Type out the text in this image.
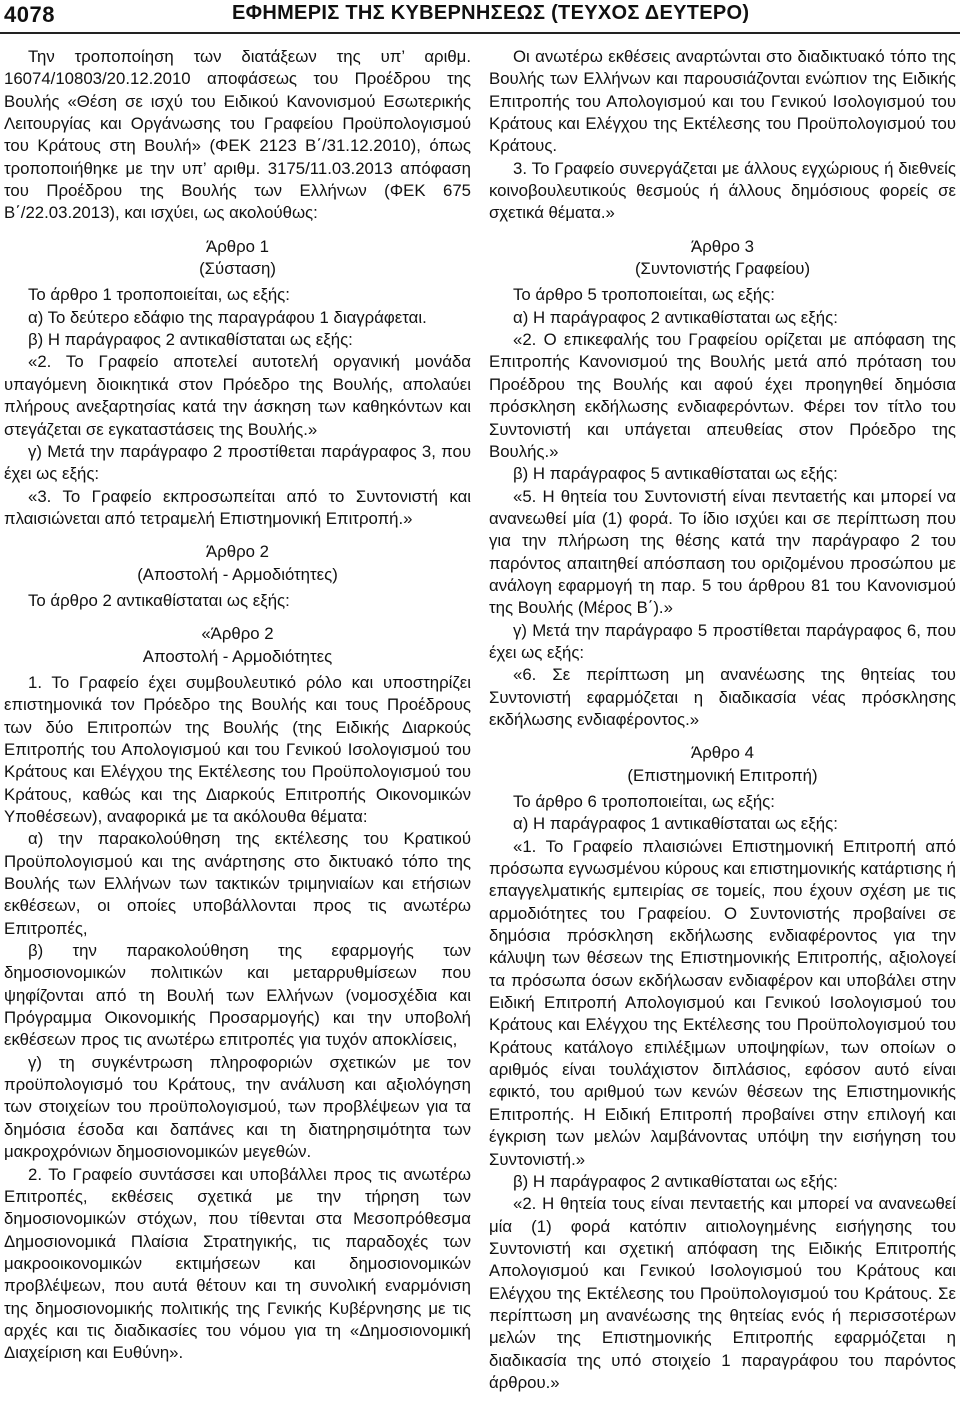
4078	ΕΦΗΜΕΡΙΣ ΤΗΣ ΚΥΒΕΡΝΗΣΕΩΣ (ΤΕΥΧΟΣ ΔΕΥΤΕΡΟ)

Την τροποποίηση των διατάξεων της υπ’ αριθμ. 16074/10803/20.12.2010 αποφάσεως του Προέδρου της Βουλής «Θέση σε ισχύ του Ειδικού Κανονισμού Εσωτερικής Λειτουργίας και Οργάνωσης του Γραφείου Προϋπολογισμού του Κράτους στη Βουλή» (ΦΕΚ 2123 Β΄/31.12.2010), όπως τροποποιήθηκε με την υπ’ αριθμ. 3175/11.03.2013 απόφαση του Προέδρου της Βουλής των Ελλήνων (ΦΕΚ 675 Β΄/22.03.2013), και ισχύει, ως ακολούθως:

Άρθρο 1

(Σύσταση)

Το άρθρο 1 τροποποιείται, ως εξής:

α) Το δεύτερο εδάφιο της παραγράφου 1 διαγράφεται.

β) Η παράγραφος 2 αντικαθίσταται ως εξής:

«2. Το Γραφείο αποτελεί αυτοτελή οργανική μονάδα υπαγόμενη διοικητικά στον Πρόεδρο της Βουλής, απολαύει πλήρους ανεξαρτησίας κατά την άσκηση των καθηκόντων και στεγάζεται σε εγκαταστάσεις της Βουλής.»

γ) Μετά την παράγραφο 2 προστίθεται παράγραφος 3, που έχει ως εξής:

«3. Το Γραφείο εκπροσωπείται από το Συντονιστή και πλαισιώνεται από τετραμελή Επιστημονική Επιτροπή.»

Άρθρο 2

(Αποστολή - Αρμοδιότητες)

Το άρθρο 2 αντικαθίσταται ως εξής:

«Άρθρο 2

Αποστολή - Αρμοδιότητες

1. Το Γραφείο έχει συμβουλευτικό ρόλο και υποστηρίζει επιστημονικά τον Πρόεδρο της Βουλής και τους Προέδρους των δύο Επιτροπών της Βουλής (της Ειδικής Διαρκούς Επιτροπής του Απολογισμού και του Γενικού Ισολογισμού του Κράτους και Ελέγχου της Εκτέλεσης του Προϋπολογισμού του Κράτους, καθώς και της Διαρκούς Επιτροπής Οικονομικών Υποθέσεων), αναφορικά με τα ακόλουθα θέματα:

α) την παρακολούθηση της εκτέλεσης του Κρατικού Προϋπολογισμού και της ανάρτησης στο δικτυακό τόπο της Βουλής των Ελλήνων των τακτικών τριμηνιαίων και ετήσιων εκθέσεων, οι οποίες υποβάλλονται προς τις ανωτέρω Επιτροπές,

β) την παρακολούθηση της εφαρμογής των δημοσιονομικών πολιτικών και μεταρρυθμίσεων που ψηφίζονται από τη Βουλή των Ελλήνων (νομοσχέδια και Πρόγραμμα Οικονομικής Προσαρμογής) και την υποβολή εκθέσεων προς τις ανωτέρω επιτροπές για τυχόν αποκλίσεις,

γ) τη συγκέντρωση πληροφοριών σχετικών με τον προϋπολογισμό του Κράτους, την ανάλυση και αξιολόγηση των στοιχείων του προϋπολογισμού, των προβλέψεων για τα δημόσια έσοδα και δαπάνες και τη διατηρησιμότητα των μακροχρόνιων δημοσιονομικών μεγεθών.

2. Το Γραφείο συντάσσει και υποβάλλει προς τις ανωτέρω Επιτροπές, εκθέσεις σχετικά με την τήρηση των δημοσιονομικών στόχων, που τίθενται στα Μεσοπρόθεσμα Δημοσιονομικά Πλαίσια Στρατηγικής, τις παραδοχές των μακροοικονομικών εκτιμήσεων και δημοσιονομικών προβλέψεων, που αυτά θέτουν και τη συνολική εναρμόνιση της δημοσιονομικής πολιτικής της Γενικής Κυβέρνησης με τις αρχές και τις διαδικασίες του νόμου για τη «Δημοσιονομική Διαχείριση και Ευθύνη».

Οι ανωτέρω εκθέσεις αναρτώνται στο διαδικτυακό τόπο της Βουλής των Ελλήνων και παρουσιάζονται ενώπιον της Ειδικής Επιτροπής του Απολογισμού και του Γενικού Ισολογισμού του Κράτους και Ελέγχου της Εκτέλεσης του Προϋπολογισμού του Κράτους.

3. Το Γραφείο συνεργάζεται με άλλους εγχώριους ή διεθνείς κοινοβουλευτικούς θεσμούς ή άλλους δημόσιους φορείς σε σχετικά θέματα.»

Άρθρο 3

(Συντονιστής Γραφείου)

Το άρθρο 5 τροποποιείται, ως εξής:

α) Η παράγραφος 2 αντικαθίσταται ως εξής:

«2. Ο επικεφαλής του Γραφείου ορίζεται με απόφαση της Επιτροπής Κανονισμού της Βουλής μετά από πρόταση του Προέδρου της Βουλής και αφού έχει προηγηθεί δημόσια πρόσκληση εκδήλωσης ενδιαφερόντων. Φέρει τον τίτλο του Συντονιστή και υπάγεται απευθείας στον Πρόεδρο της Βουλής.»

β) Η παράγραφος 5 αντικαθίσταται ως εξής:

«5. Η θητεία του Συντονιστή είναι πενταετής και μπορεί να ανανεωθεί μία (1) φορά. Το ίδιο ισχύει και σε περίπτωση που για την πλήρωση της θέσης κατά την παράγραφο 2 του παρόντος απαιτηθεί απόσπαση του οριζομένου προσώπου με ανάλογη εφαρμογή τη παρ. 5 του άρθρου 81 του Κανονισμού της Βουλής (Μέρος Β΄).»

γ) Μετά την παράγραφο 5 προστίθεται παράγραφος 6, που έχει ως εξής:

«6. Σε περίπτωση μη ανανέωσης της θητείας του Συντονιστή εφαρμόζεται η διαδικασία νέας πρόσκλησης εκδήλωσης ενδιαφέροντος.»

Άρθρο 4

(Επιστημονική Επιτροπή)

Το άρθρο 6 τροποποιείται, ως εξής:

α) Η παράγραφος 1 αντικαθίσταται ως εξής:

«1. Το Γραφείο πλαισιώνει Επιστημονική Επιτροπή από πρόσωπα εγνωσμένου κύρους και επιστημονικής κατάρτισης ή επαγγελματικής εμπειρίας σε τομείς, που έχουν σχέση με τις αρμοδιότητες του Γραφείου. Ο Συντονιστής προβαίνει σε δημόσια πρόσκληση εκδήλωσης ενδιαφέροντος για την κάλυψη των θέσεων της Επιστημονικής Επιτροπής, αξιολογεί τα πρόσωπα όσων εκδήλωσαν ενδιαφέρον και υποβάλει στην Ειδική Επιτροπή Απολογισμού και Γενικού Ισολογισμού του Κράτους και Ελέγχου της Εκτέλεσης του Προϋπολογισμού του Κράτους κατάλογο επιλέξιμων υποψηφίων, των οποίων ο αριθμός είναι τουλάχιστον διπλάσιος, εφόσον αυτό είναι εφικτό, του αριθμού των κενών θέσεων της Επιστημονικής Επιτροπής. Η Ειδική Επιτροπή προβαίνει στην επιλογή και έγκριση των μελών λαμβάνοντας υπόψη την εισήγηση του Συντονιστή.»

β) Η παράγραφος 2 αντικαθίσταται ως εξής:

«2. Η θητεία τους είναι πενταετής και μπορεί να ανανεωθεί μία (1) φορά κατόπιν αιτιολογημένης εισήγησης του Συντονιστή και σχετική απόφαση της Ειδικής Επιτροπής Απολογισμού και Γενικού Ισολογισμού του Κράτους και Ελέγχου της Εκτέλεσης του Προϋπολογισμού του Κράτους. Σε περίπτωση μη ανανέωσης της θητείας ενός ή περισσοτέρων μελών της Επιστημονικής Επιτροπής εφαρμόζεται η διαδικασία της υπό στοιχείο 1 παραγράφου του παρόντος άρθρου.»
